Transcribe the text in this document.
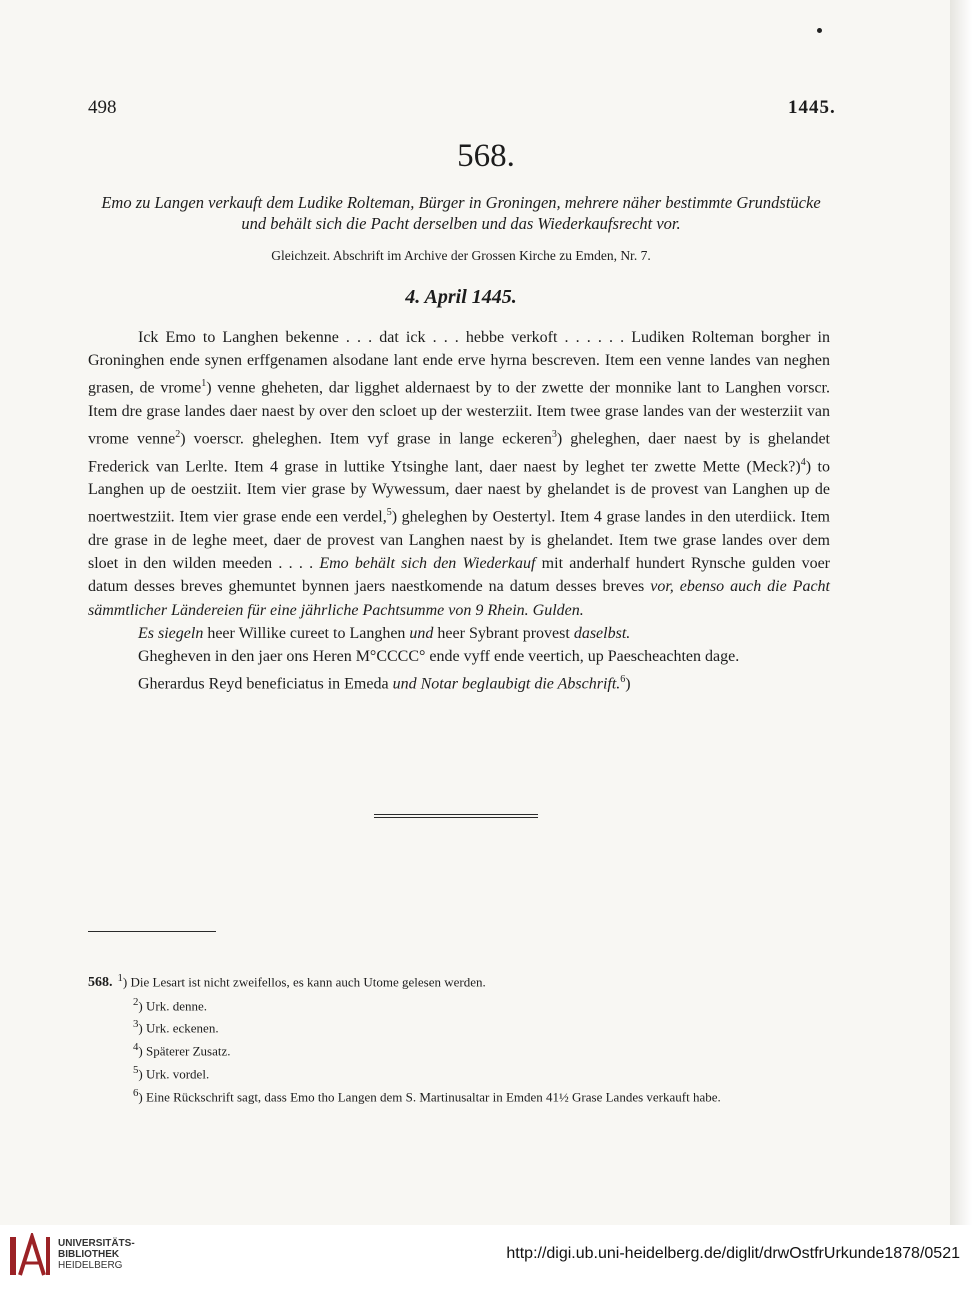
498	1445.
568.
Emo zu Langen verkauft dem Ludike Rolteman, Bürger in Groningen, mehrere näher bestimmte Grundstücke und behält sich die Pacht derselben und das Wiederkaufsrecht vor.
Gleichzeit. Abschrift im Archive der Grossen Kirche zu Emden, Nr. 7.
4. April 1445.

Ick Emo to Langhen bekenne . . . dat ick . . . hebbe verkoft . . . . . . Ludiken Rolteman borgher in Groninghen ende synen erffgenamen alsodane lant ende erve hyrna bescreven. Item een venne landes van neghen grasen, de vrome$^1$) venne gheheten, dar ligghet aldernaest by to der zwette der monnike lant to Langhen vorscr. Item dre grase landes daer naest by over den scloet up der westerziit. Item twee grase landes van der westerziit van vrome venne$^2$) voerscr. gheleghen. Item vyf grase in lange eckeren$^3$) gheleghen, daer naest by is ghelandet Frederick van Lerlte. Item 4 grase in luttike Ytsinghe lant, daer naest by leghet ter zwette Mette (Meck?)$^4$) to Langhen up de oestziit. Item vier grase by Wywessum, daer naest by ghelandet is de provest van Langhen up de noertwestziit. Item vier grase ende een verdel,$^5$) gheleghen by Oestertyl. Item 4 grase landes in den uterdiick. Item dre grase in de leghe meet, daer de provest van Langhen naest by is ghelandet. Item twe grase landes over dem sloet in den wilden meeden . . . . Emo behält sich den Wiederkauf mit anderhalf hundert Rynsche gulden voer datum desses breves ghemuntet bynnen jaers naestkomende na datum desses breves vor, ebenso auch die Pacht sämmtlicher Ländereien für eine jährliche Pachtsumme von 9 Rhein. Gulden.

Es siegeln heer Willike cureet to Langhen und heer Sybrant provest daselbst.

Ghegheven in den jaer ons Heren M°CCCC° ende vyff ende veertich, up Paescheachten dage.

Gherardus Reyd beneficiatus in Emeda und Notar beglaubigt die Abschrift.$^6$)

568. $^1$) Die Lesart ist nicht zweifellos, es kann auch Utome gelesen werden.

$^2$) Urk. denne.

$^3$) Urk. eckenen.

$^4$) Späterer Zusatz.

$^5$) Urk. vordel.

$^6$) Eine Rückschrift sagt, dass Emo tho Langen dem S. Martinusaltar in Emden 41½ Grase Landes verkauft habe.

UNIVERSITÄTS-
BIBLIOTHEK
HEIDELBERG
http://digi.ub.uni-heidelberg.de/diglit/drwOstfrUrkunde1878/0521
